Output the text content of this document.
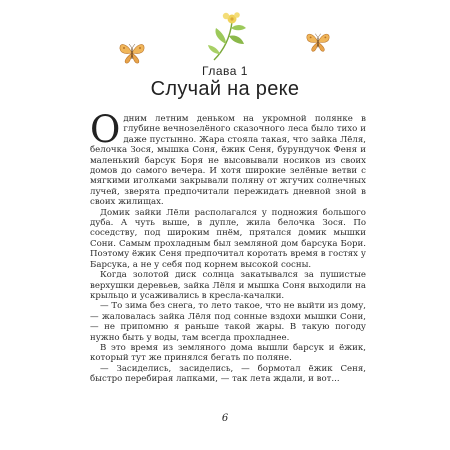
Глава 1
Случай на реке

Одним летним деньком на укромной полянке в глубине вечнозелёного сказочного леса было тихо и даже пустынно. Жара стояла такая, что зайка Лёля, белочка Зося, мышка Соня, ёжик Сеня, бурундучок Феня и маленький барсук Боря не высовывали носиков из своих домов до самого вечера. И хотя широкие зелёные ветви с мягкими иголками закрывали поляну от жгучих солнечных лучей, зверята предпочитали пережидать дневной зной в своих жилищах.

Домик зайки Лёли располагался у подножия большого дуба. А чуть выше, в дупле, жила белочка Зося. По соседству, под широким пнём, прятался домик мышки Сони. Самым прохладным был земляной дом барсука Бори. Поэтому ёжик Сеня предпочитал коротать время в гостях у Барсука, а не у себя под корнем высокой сосны.

Когда золотой диск солнца закатывался за пушистые верхушки деревьев, зайка Лёля и мышка Соня выходили на крыльцо и усаживались в кресла-качалки.

— То зима без снега, то лето такое, что не выйти из дому, — жаловалась зайка Лёля под сонные вздохи мышки Сони, — не припомню я раньше такой жары. В такую погоду нужно быть у воды, там всегда прохладнее.

В это время из земляного дома вышли барсук и ёжик, который тут же принялся бегать по поляне.

— Засиделись, засиделись, — бормотал ёжик Сеня, быстро перебирая лапками, — так лета ждали, и вот...

6
